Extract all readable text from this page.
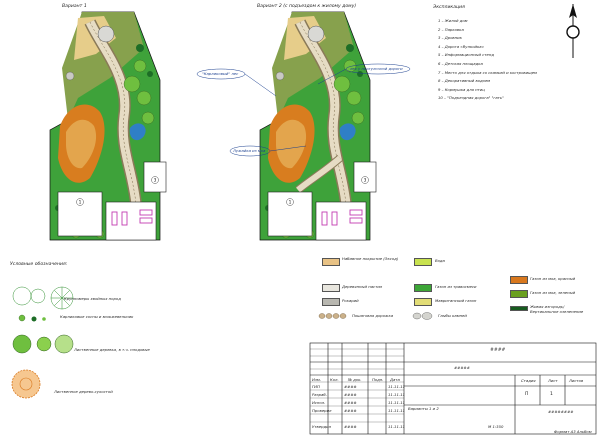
1
3
1
3
Вариант 1	Вариант 2 (с подъездом к жилому дому)
"Карликовый" лес
лес у прогулочной дороги
Лужайка из мха
Экспликация
1 – Жилой дом
2 – Парковка
3 – Дровник
4 – Дорога «Вулкойка»
5 – Информационный стенд
6 – Детская площадка
7 – Место для отдыха со скамьей и костровищем
8 – Декоративный водоем
9 – Кормушка для птиц
10 – "Подъездная дорога" "гать"
Условные обозначения:
Крупномеры хвойных пород
Карликовые сосны и можжевельник
Лиственные деревья, в т.ч. плодовые
Лиственное дерево-сухостой
Набивное покрытие (Эксод)
Деревянный настил
Рокарий
Пошаговая дорожка
Вода
Газон из травосмеси
Мавританский газон
Глыбы камней
Газон из мха, красный
Газон из мха, зеленый
Живая изгородь/ Вертикальное озеленение
####
Изм. Кол. № док.	Подп. Дата
ГИП	####	11.11.11
Разраб.	####	11.11.11
Испол.	####	11.11.11
Проверил	####	11.11.11
Утвердил	####	11.11.11
#####
Варианты 1 и 2
М 1:350
Стадия	Лист	Листов
П	1
########
Формат А3 Альбом
